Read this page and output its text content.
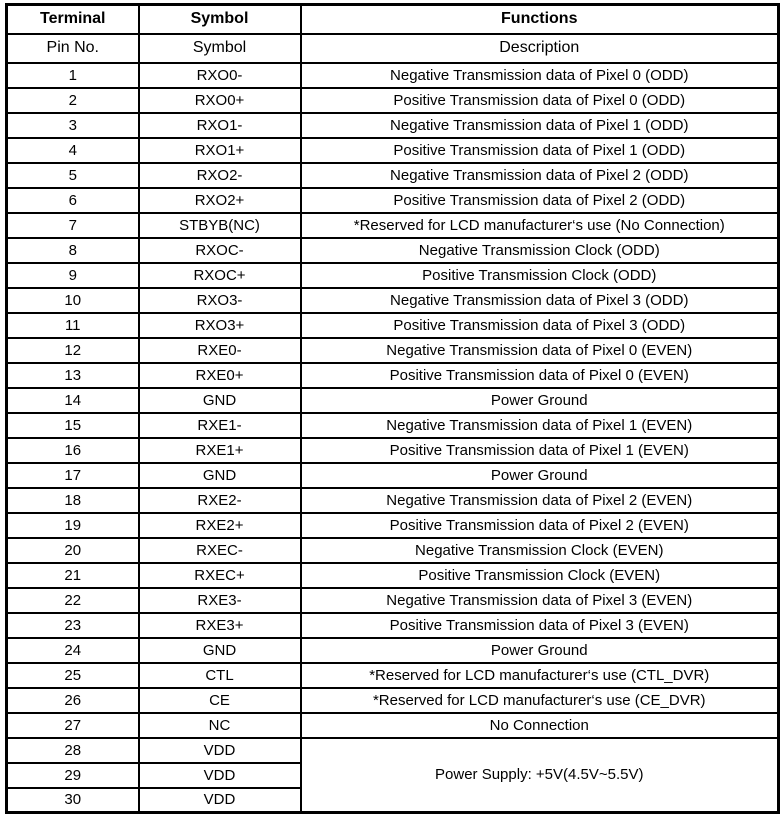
Terminal	Symbol	Functions
Pin No.	Symbol	Description
1	RXO0-	Negative Transmission data of Pixel 0 (ODD)
2	RXO0+	Positive Transmission data of Pixel 0 (ODD)
3	RXO1-	Negative Transmission data of Pixel 1 (ODD)
4	RXO1+	Positive Transmission data of Pixel 1 (ODD)
5	RXO2-	Negative Transmission data of Pixel 2 (ODD)
6	RXO2+	Positive Transmission data of Pixel 2 (ODD)
7	STBYB(NC)	*Reserved for LCD manufacturer‘s use (No Connection)
8	RXOC-	Negative Transmission Clock (ODD)
9	RXOC+	Positive Transmission Clock (ODD)
10	RXO3-	Negative Transmission data of Pixel 3 (ODD)
11	RXO3+	Positive Transmission data of Pixel 3 (ODD)
12	RXE0-	Negative Transmission data of Pixel 0 (EVEN)
13	RXE0+	Positive Transmission data of Pixel 0 (EVEN)
14	GND	Power Ground
15	RXE1-	Negative Transmission data of Pixel 1 (EVEN)
16	RXE1+	Positive Transmission data of Pixel 1 (EVEN)
17	GND	Power Ground
18	RXE2-	Negative Transmission data of Pixel 2 (EVEN)
19	RXE2+	Positive Transmission data of Pixel 2 (EVEN)
20	RXEC-	Negative Transmission Clock (EVEN)
21	RXEC+	Positive Transmission Clock (EVEN)
22	RXE3-	Negative Transmission data of Pixel 3 (EVEN)
23	RXE3+	Positive Transmission data of Pixel 3 (EVEN)
24	GND	Power Ground
25	CTL	*Reserved for LCD manufacturer‘s use (CTL_DVR)
26	CE	*Reserved for LCD manufacturer‘s use (CE_DVR)
27	NC	No Connection
28	VDD	Power Supply: +5V(4.5V~5.5V)
29	VDD	
30	VDD	
